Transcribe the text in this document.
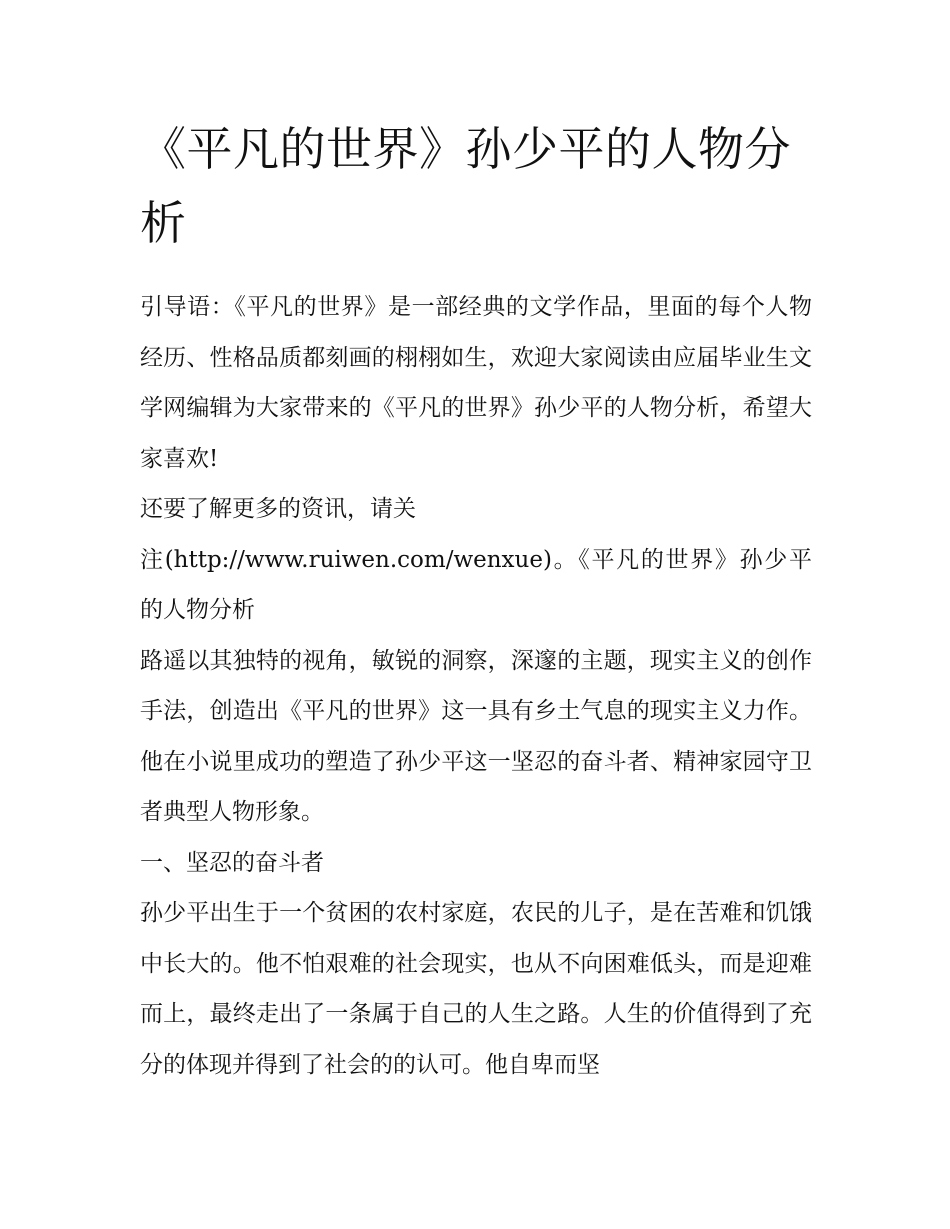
《平凡的世界》孙少平的人物分析

引导语：《平凡的世界》是一部经典的文学作品，里面的每个人物经历、性格品质都刻画的栩栩如生，欢迎大家阅读由应届毕业生文学网编辑为大家带来的《平凡的世界》孙少平的人物分析，希望大家喜欢!

还要了解更多的资讯，请关

注(http://www.ruiwen.com/wenxue)。《平凡的世界》孙少平的人物分析

路遥以其独特的视角，敏锐的洞察，深邃的主题，现实主义的创作手法，创造出《平凡的世界》这一具有乡土气息的现实主义力作。他在小说里成功的塑造了孙少平这一坚忍的奋斗者、精神家园守卫者典型人物形象。

一、坚忍的奋斗者

孙少平出生于一个贫困的农村家庭，农民的儿子，是在苦难和饥饿中长大的。他不怕艰难的社会现实，也从不向困难低头，而是迎难而上，最终走出了一条属于自己的人生之路。人生的价值得到了充分的体现并得到了社会的的认可。他自卑而坚
